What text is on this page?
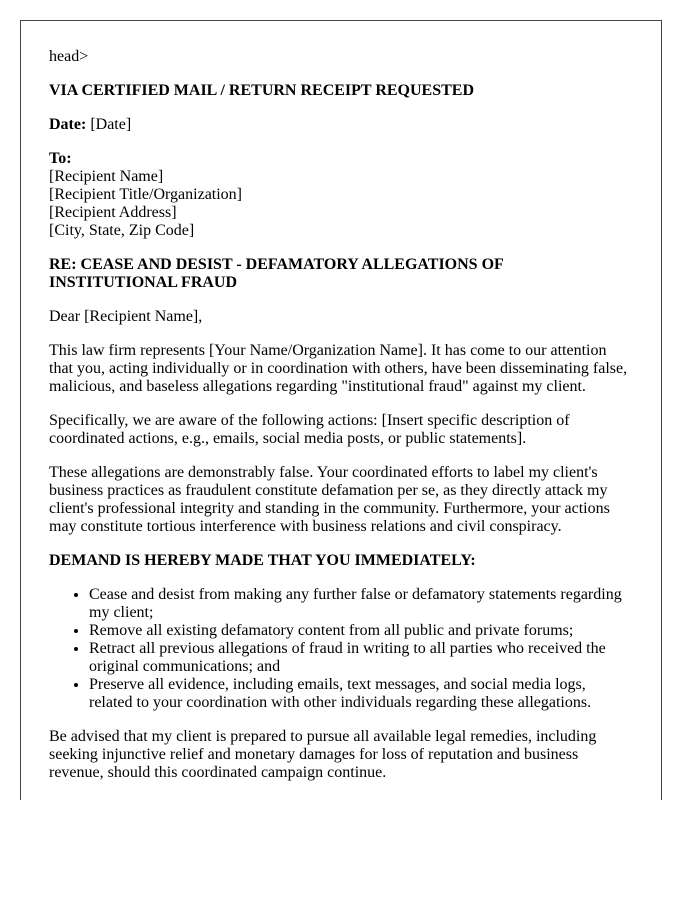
head>

VIA CERTIFIED MAIL / RETURN RECEIPT REQUESTED

Date: [Date]

To:
[Recipient Name]
[Recipient Title/Organization]
[Recipient Address]
[City, State, Zip Code]

RE: CEASE AND DESIST - DEFAMATORY ALLEGATIONS OF INSTITUTIONAL FRAUD

Dear [Recipient Name],

This law firm represents [Your Name/Organization Name]. It has come to our attention that you, acting individually or in coordination with others, have been disseminating false, malicious, and baseless allegations regarding "institutional fraud" against my client.

Specifically, we are aware of the following actions: [Insert specific description of coordinated actions, e.g., emails, social media posts, or public statements].

These allegations are demonstrably false. Your coordinated efforts to label my client's business practices as fraudulent constitute defamation per se, as they directly attack my client's professional integrity and standing in the community. Furthermore, your actions may constitute tortious interference with business relations and civil conspiracy.

DEMAND IS HEREBY MADE THAT YOU IMMEDIATELY:
• Cease and desist from making any further false or defamatory statements regarding my client;
• Remove all existing defamatory content from all public and private forums;
• Retract all previous allegations of fraud in writing to all parties who received the original communications; and
• Preserve all evidence, including emails, text messages, and social media logs, related to your coordination with other individuals regarding these allegations.

Be advised that my client is prepared to pursue all available legal remedies, including seeking injunctive relief and monetary damages for loss of reputation and business revenue, should this coordinated campaign continue.
